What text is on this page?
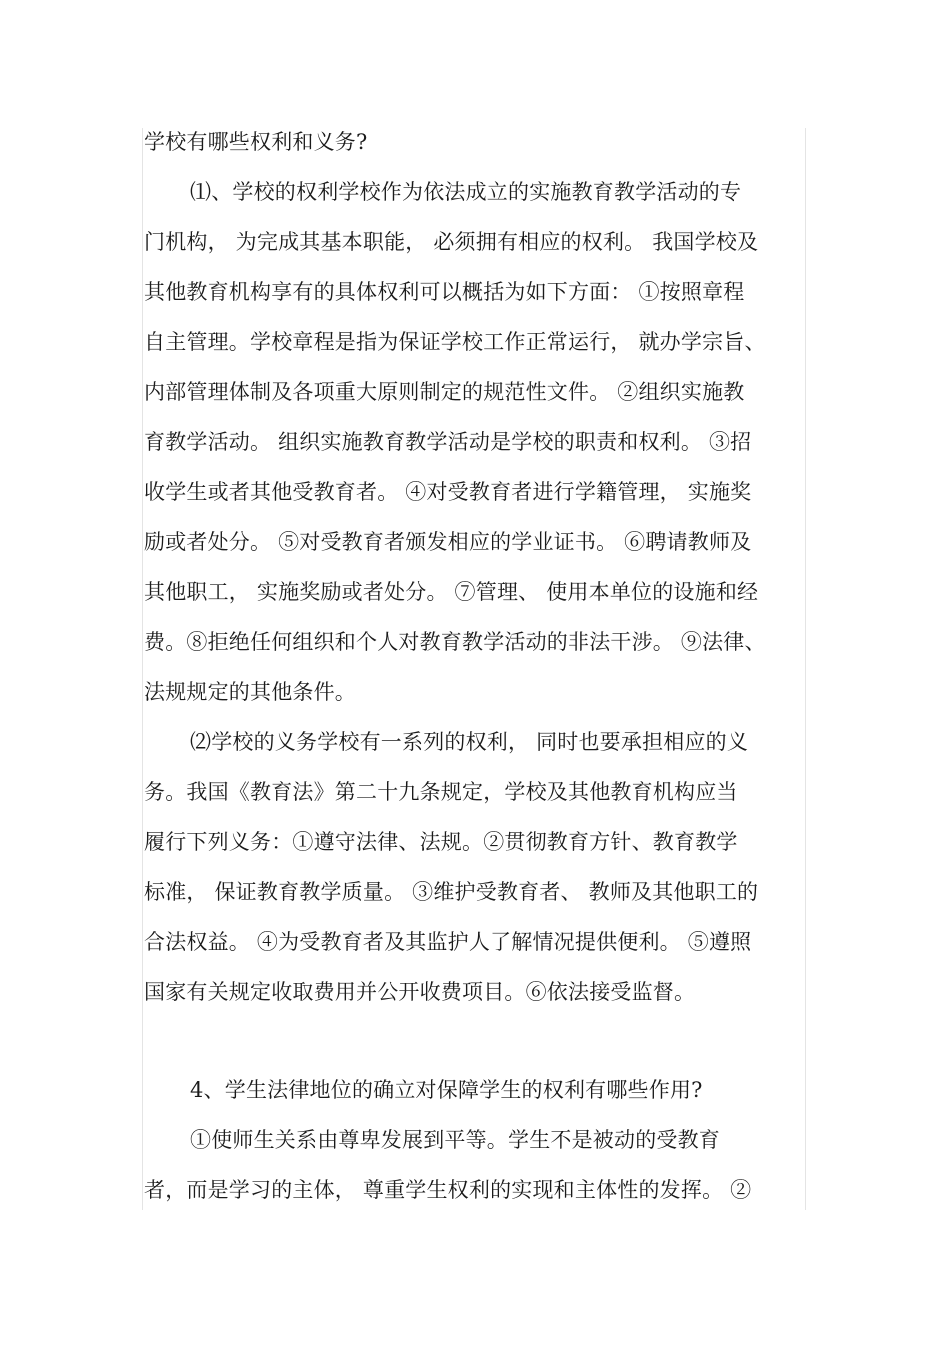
学校有哪些权利和义务?
⑴、学校的权利学校作为依法成立的实施教育教学活动的专
门机构， 为完成其基本职能， 必须拥有相应的权利。 我国学校及
其他教育机构享有的具体权利可以概括为如下方面： ①按照章程
自主管理。学校章程是指为保证学校工作正常运行， 就办学宗旨、
内部管理体制及各项重大原则制定的规范性文件。 ②组织实施教
育教学活动。 组织实施教育教学活动是学校的职责和权利。 ③招
收学生或者其他受教育者。 ④对受教育者进行学籍管理， 实施奖
励或者处分。 ⑤对受教育者颁发相应的学业证书。 ⑥聘请教师及
其他职工， 实施奖励或者处分。 ⑦管理、 使用本单位的设施和经
费。⑧拒绝任何组织和个人对教育教学活动的非法干涉。 ⑨法律、
法规规定的其他条件。
⑵学校的义务学校有一系列的权利， 同时也要承担相应的义
务。我国《教育法》第二十九条规定，学校及其他教育机构应当
履行下列义务：①遵守法律、法规。②贯彻教育方针、教育教学
标准， 保证教育教学质量。 ③维护受教育者、 教师及其他职工的
合法权益。 ④为受教育者及其监护人了解情况提供便利。 ⑤遵照
国家有关规定收取费用并公开收费项目。⑥依法接受监督。
4、学生法律地位的确立对保障学生的权利有哪些作用?
①使师生关系由尊卑发展到平等。学生不是被动的受教育
者，而是学习的主体， 尊重学生权利的实现和主体性的发挥。 ②
